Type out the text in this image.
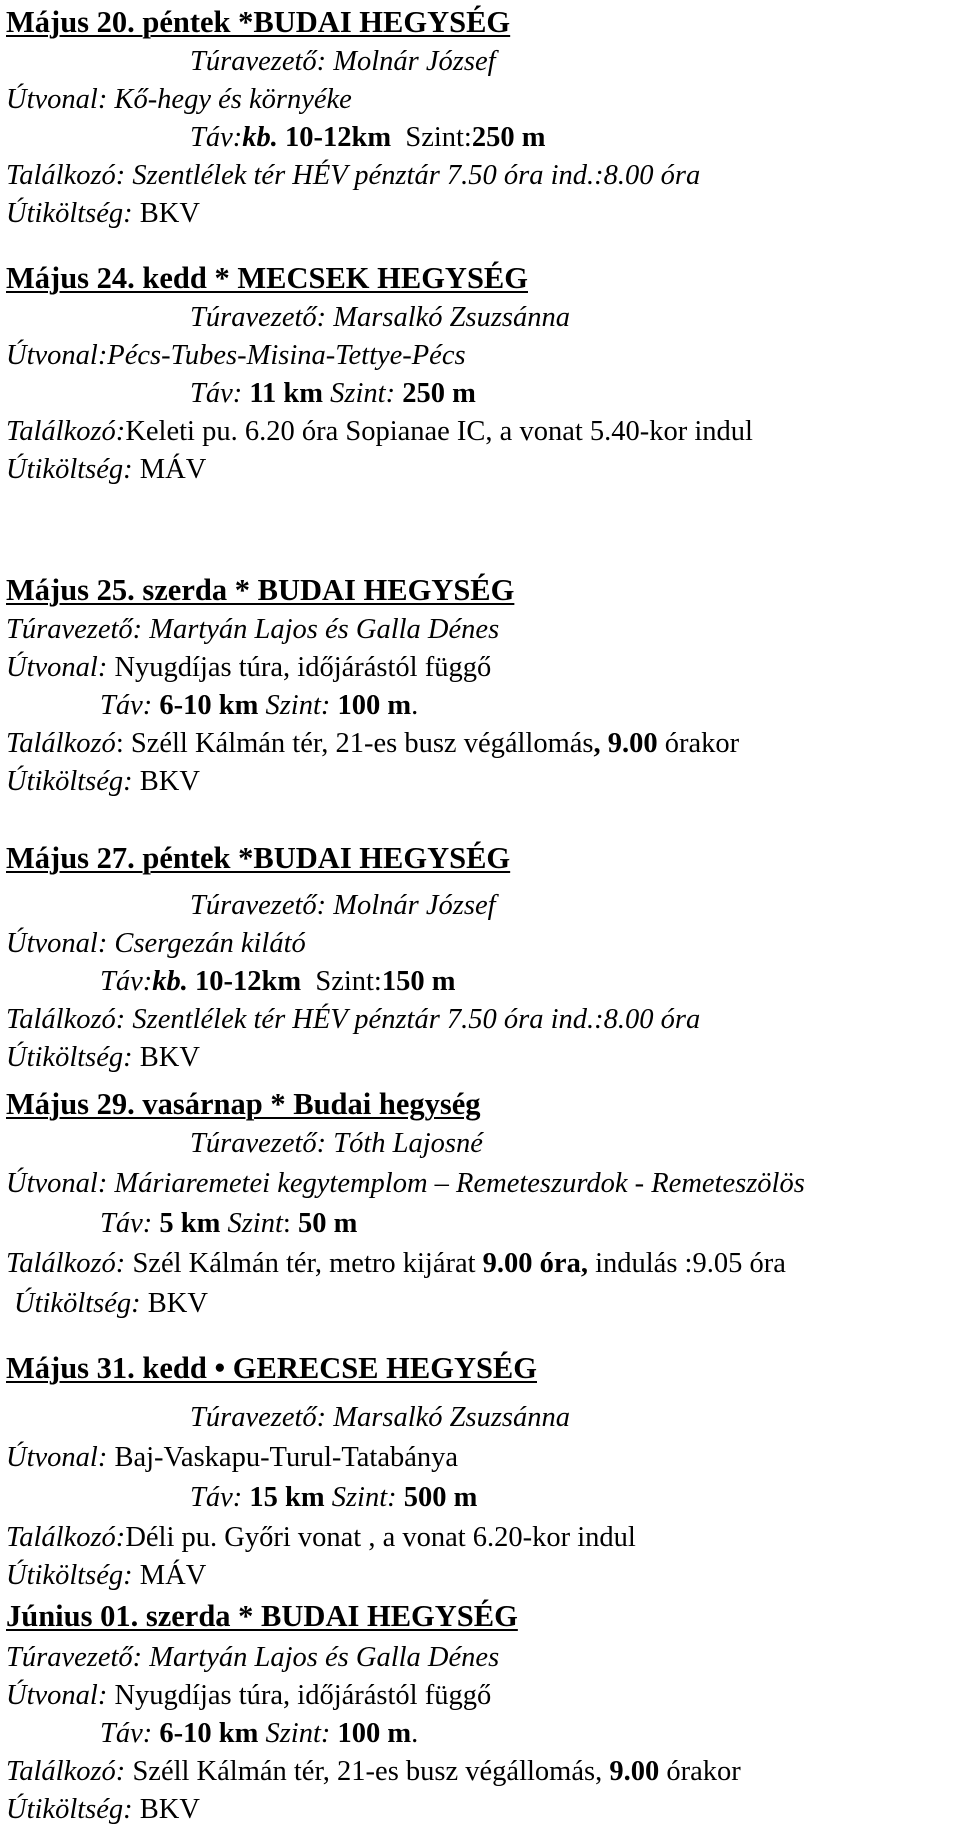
Május 20. péntek *BUDAI HEGYSÉG
Túravezető: Molnár József
Útvonal: Kő-hegy és környéke
Táv:kb. 10-12km Szint:250 m
Találkozó: Szentlélek tér HÉV pénztár 7.50 óra ind.:8.00 óra
Útiköltség: BKV
Május 24. kedd * MECSEK HEGYSÉG
Túravezető: Marsalkó Zsuzsánna
Útvonal:Pécs-Tubes-Misina-Tettye-Pécs
Táv: 11 km Szint: 250 m
Találkozó:Keleti pu. 6.20 óra Sopianae IC, a vonat 5.40-kor indul
Útiköltség: MÁV
Május 25. szerda * BUDAI HEGYSÉG
Túravezető: Martyán Lajos és Galla Dénes
Útvonal: Nyugdíjas túra, időjárástól függő
Táv: 6-10 km Szint: 100 m.
Találkozó: Széll Kálmán tér, 21-es busz végállomás, 9.00 órakor
Útiköltség: BKV
Május 27. péntek *BUDAI HEGYSÉG
Túravezető: Molnár József
Útvonal: Csergezán kilátó
Táv:kb. 10-12km Szint:150 m
Találkozó: Szentlélek tér HÉV pénztár 7.50 óra ind.:8.00 óra
Útiköltség: BKV
Május 29. vasárnap * Budai hegység
Túravezető: Tóth Lajosné
Útvonal: Máriaremetei kegytemplom – Remeteszurdok - Remeteszölös
Táv: 5 km Szint: 50 m
Találkozó: Szél Kálmán tér, metro kijárat 9.00 óra, indulás :9.05 óra
Útiköltség: BKV
Május 31. kedd • GERECSE HEGYSÉG
Túravezető: Marsalkó Zsuzsánna
Útvonal: Baj-Vaskapu-Turul-Tatabánya
Táv: 15 km Szint: 500 m
Találkozó:Déli pu. Győri vonat , a vonat 6.20-kor indul
Útiköltség: MÁV
Június 01. szerda * BUDAI HEGYSÉG
Túravezető: Martyán Lajos és Galla Dénes
Útvonal: Nyugdíjas túra, időjárástól függő
Táv: 6-10 km Szint: 100 m.
Találkozó: Széll Kálmán tér, 21-es busz végállomás, 9.00 órakor
Útiköltség: BKV
